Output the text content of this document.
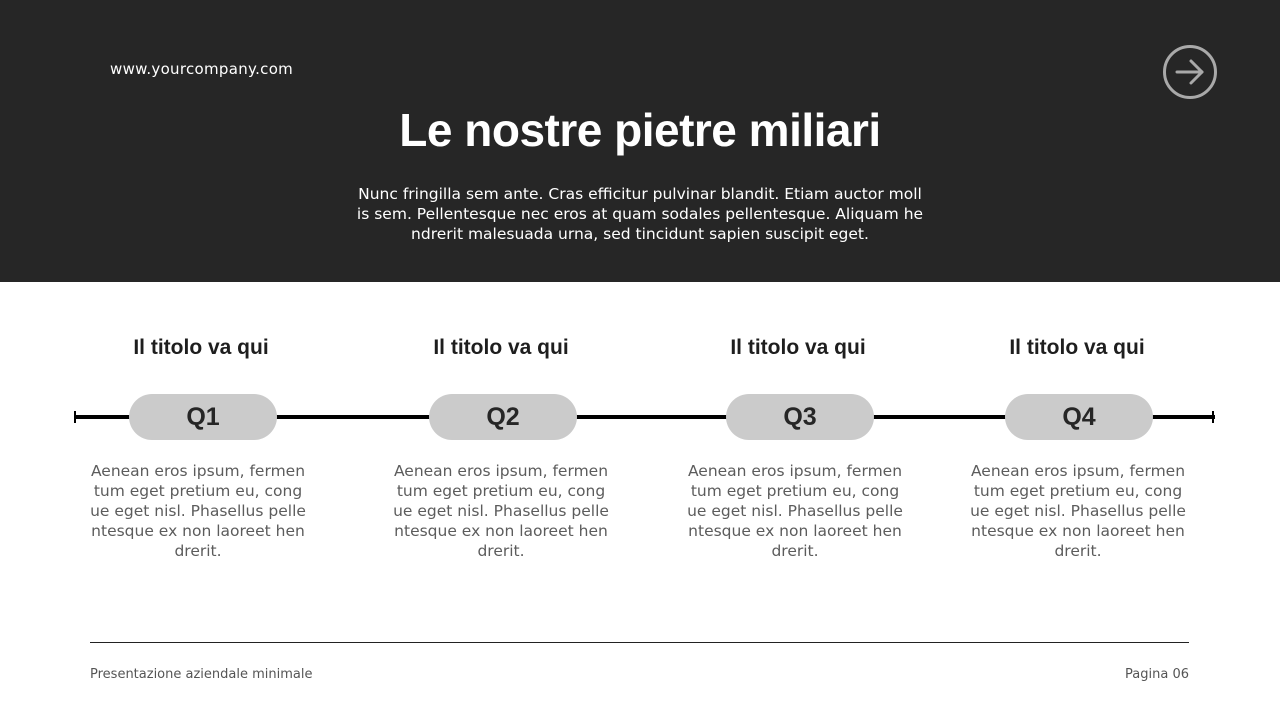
www.yourcompany.com
Le nostre pietre miliari
Nunc fringilla sem ante. Cras efficitur pulvinar blandit. Etiam auctor mollis sem. Pellentesque nec eros at quam sodales pellentesque. Aliquam hendrerit malesuada urna, sed tincidunt sapien suscipit eget.
Il titolo va qui
Q1
Aenean eros ipsum, fermentum eget pretium eu, congue eget nisl. Phasellus pellentesque ex non laoreet hendrerit.
Il titolo va qui
Q2
Aenean eros ipsum, fermentum eget pretium eu, congue eget nisl. Phasellus pellentesque ex non laoreet hendrerit.
Il titolo va qui
Q3
Aenean eros ipsum, fermentum eget pretium eu, congue eget nisl. Phasellus pellentesque ex non laoreet hendrerit.
Il titolo va qui
Q4
Aenean eros ipsum, fermentum eget pretium eu, congue eget nisl. Phasellus pellentesque ex non laoreet hendrerit.
Presentazione aziendale minimale	Pagina 06
